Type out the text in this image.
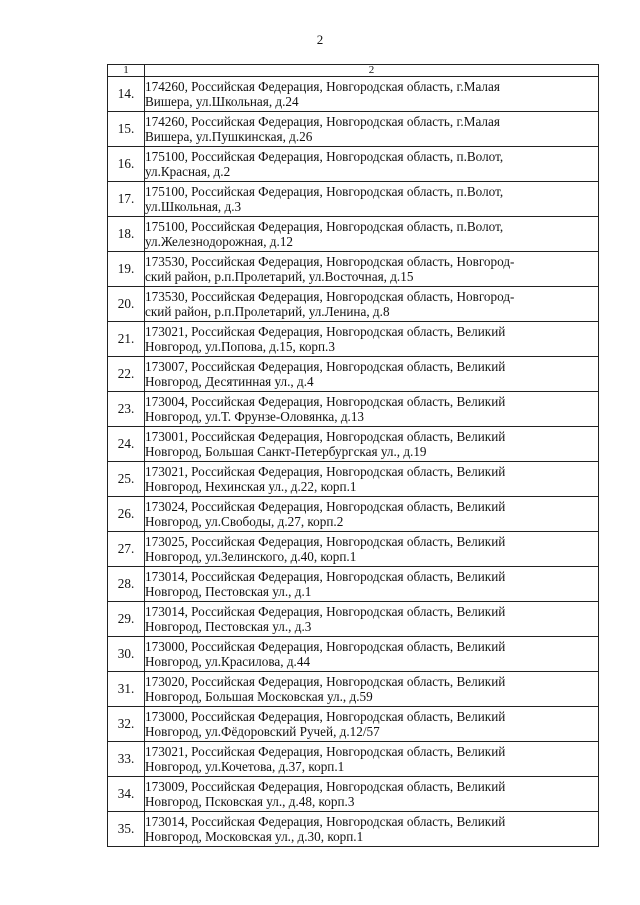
2
1	2
14.	174260, Российская Федерация, Новгородская область, г.Малая
Вишера, ул.Школьная, д.24

15.	174260, Российская Федерация, Новгородская область, г.Малая
Вишера, ул.Пушкинская, д.26

16.	175100, Российская Федерация, Новгородская область, п.Волот,
ул.Красная, д.2

17.	175100, Российская Федерация, Новгородская область, п.Волот,
ул.Школьная, д.3

18.	175100, Российская Федерация, Новгородская область, п.Волот,
ул.Железнодорожная, д.12

19.	173530, Российская Федерация, Новгородская область, Новгород-
ский район, р.п.Пролетарий, ул.Восточная, д.15

20.	173530, Российская Федерация, Новгородская область, Новгород-
ский район, р.п.Пролетарий, ул.Ленина, д.8

21.	173021, Российская Федерация, Новгородская область, Великий
Новгород, ул.Попова, д.15, корп.3

22.	173007, Российская Федерация, Новгородская область, Великий
Новгород, Десятинная ул., д.4

23.	173004, Российская Федерация, Новгородская область, Великий
Новгород, ул.Т. Фрунзе-Оловянка, д.13

24.	173001, Российская Федерация, Новгородская область, Великий
Новгород, Большая Санкт-Петербургская ул., д.19

25.	173021, Российская Федерация, Новгородская область, Великий
Новгород, Нехинская ул., д.22, корп.1

26.	173024, Российская Федерация, Новгородская область, Великий
Новгород, ул.Свободы, д.27, корп.2

27.	173025, Российская Федерация, Новгородская область, Великий
Новгород, ул.Зелинского, д.40, корп.1

28.	173014, Российская Федерация, Новгородская область, Великий
Новгород, Пестовская ул., д.1

29.	173014, Российская Федерация, Новгородская область, Великий
Новгород, Пестовская ул., д.3

30.	173000, Российская Федерация, Новгородская область, Великий
Новгород, ул.Красилова, д.44

31.	173020, Российская Федерация, Новгородская область, Великий
Новгород, Большая Московская ул., д.59

32.	173000, Российская Федерация, Новгородская область, Великий
Новгород, ул.Фёдоровский Ручей, д.12/57

33.	173021, Российская Федерация, Новгородская область, Великий
Новгород, ул.Кочетова, д.37, корп.1

34.	173009, Российская Федерация, Новгородская область, Великий
Новгород, Псковская ул., д.48, корп.3

35.	173014, Российская Федерация, Новгородская область, Великий
Новгород, Московская ул., д.30, корп.1
